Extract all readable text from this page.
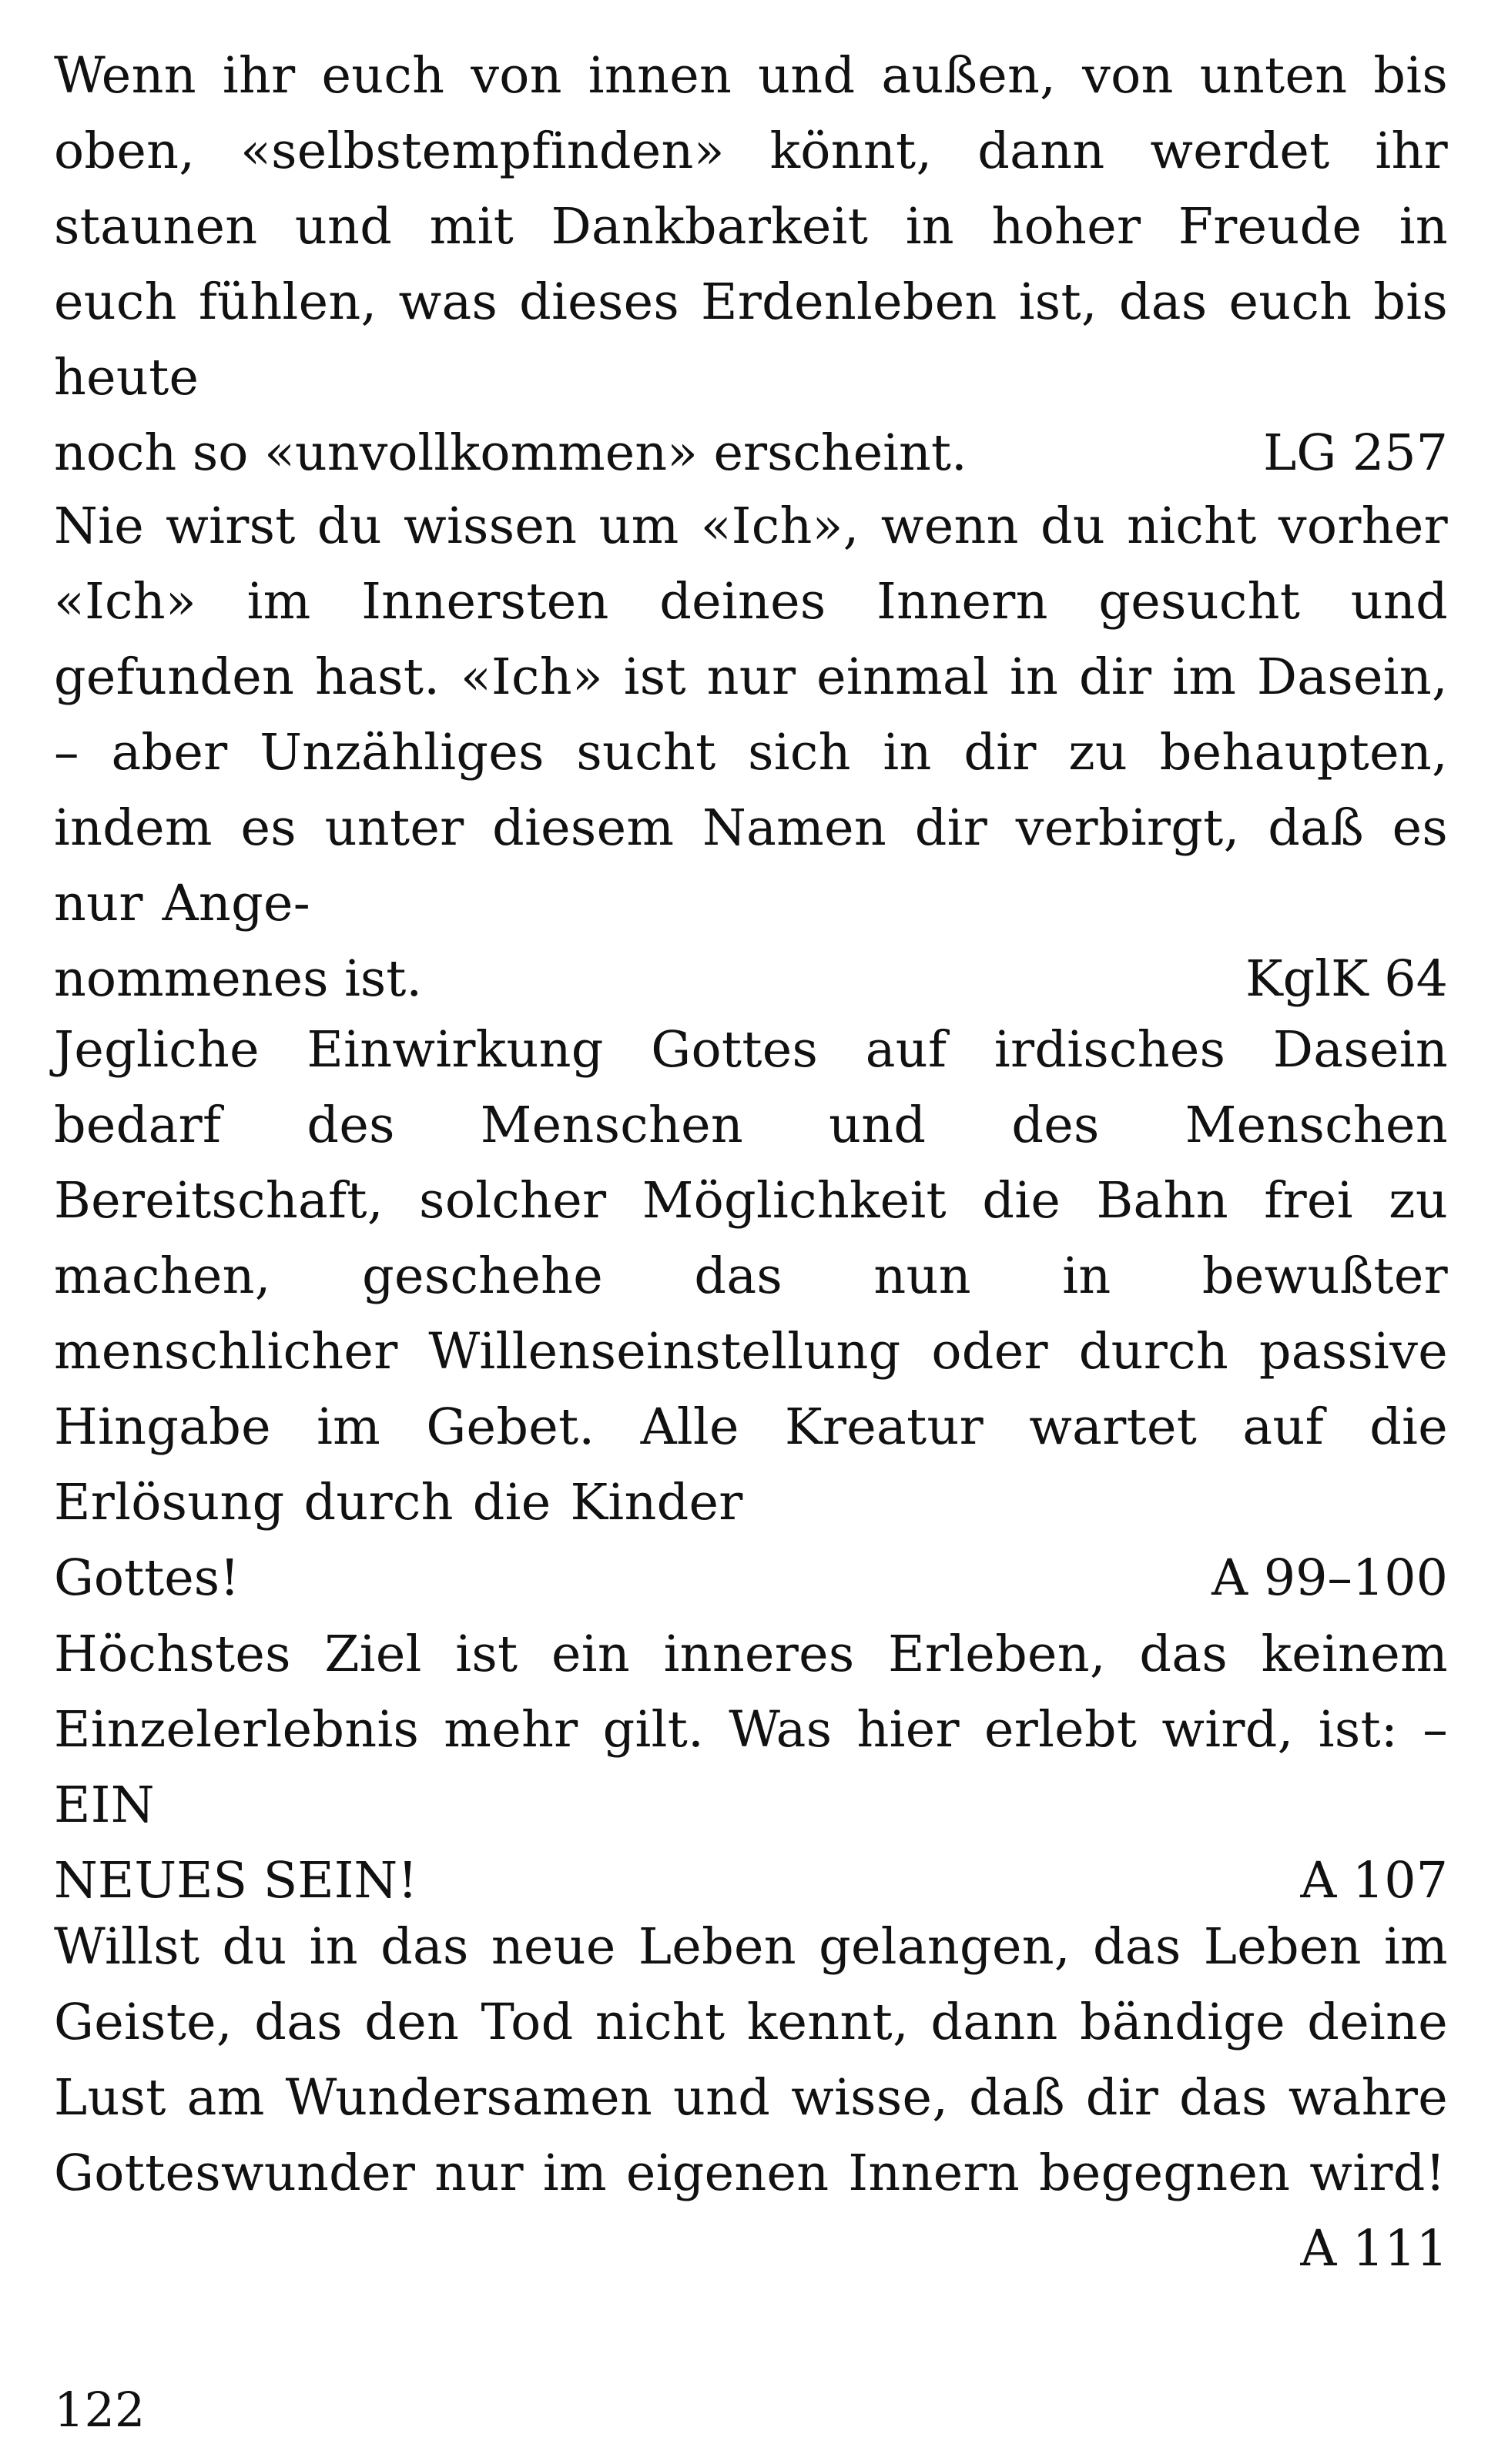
Wenn ihr euch von innen und außen, von unten bis oben, «selbstempfinden» könnt, dann werdet ihr staunen und mit Dankbarkeit in hoher Freude in euch fühlen, was dieses Erdenleben ist, das euch bis heute
noch so «unvollkommen» erscheint.	LG 257
Nie wirst du wissen um «Ich», wenn du nicht vorher «Ich» im Innersten deines Innern gesucht und gefunden hast. «Ich» ist nur einmal in dir im Dasein, – aber Unzähliges sucht sich in dir zu behaupten, indem es unter diesem Namen dir verbirgt, daß es nur Ange-
nommenes ist.	KglK 64
Jegliche Einwirkung Gottes auf irdisches Dasein bedarf des Menschen und des Menschen Bereitschaft, solcher Möglichkeit die Bahn frei zu machen, geschehe das nun in bewußter menschlicher Willenseinstellung oder durch passive Hingabe im Gebet. Alle Kreatur wartet auf die Erlösung durch die Kinder
Gottes!	A 99–100
Höchstes Ziel ist ein inneres Erleben, das keinem Einzelerlebnis mehr gilt. Was hier erlebt wird, ist: – EIN
NEUES SEIN!	A 107
Willst du in das neue Leben gelangen, das Leben im Geiste, das den Tod nicht kennt, dann bändige deine Lust am Wundersamen und wisse, daß dir das wahre Gotteswunder nur im eigenen Innern begegnen wird!
A 111
122
